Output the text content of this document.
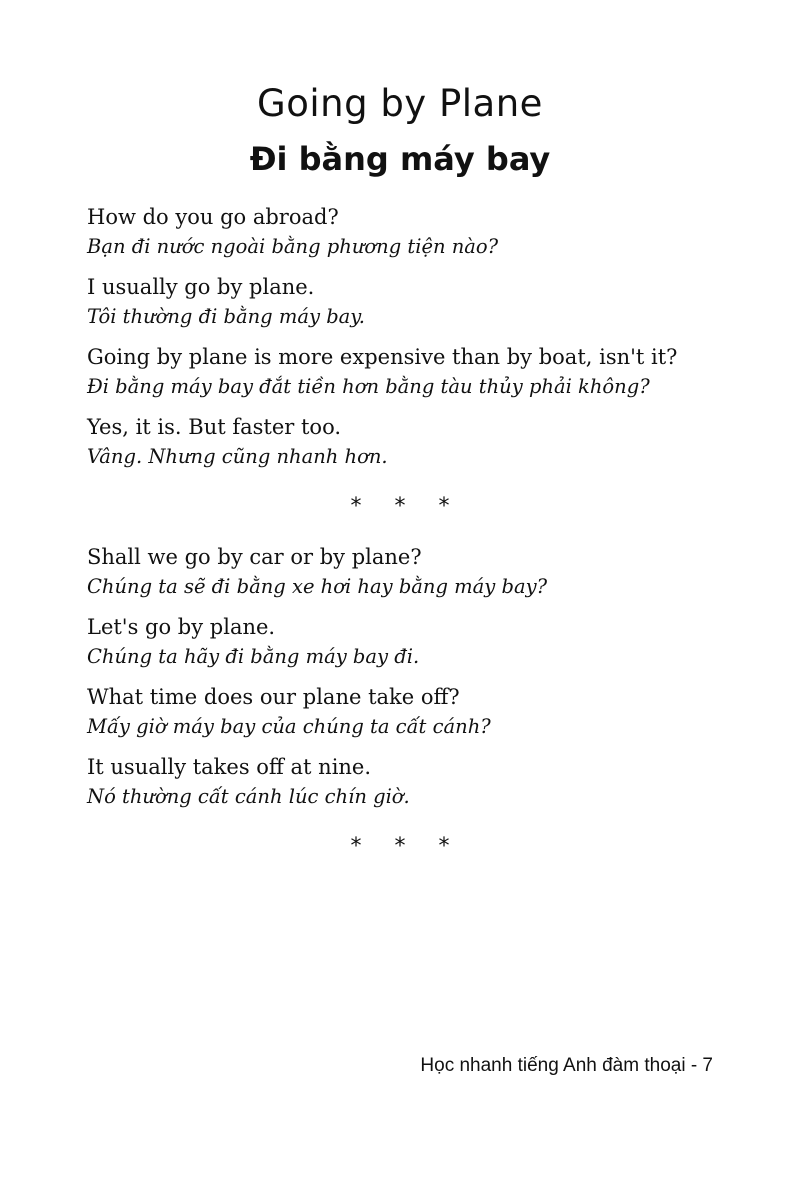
Going by Plane
Đi bằng máy bay
How do you go abroad?
Bạn đi nước ngoài bằng phương tiện nào?
I usually go by plane.
Tôi thường đi bằng máy bay.
Going by plane is more expensive than by boat, isn't it?
Đi bằng máy bay đắt tiền hơn bằng tàu thủy phải không?
Yes, it is. But faster too.
Vâng. Nhưng cũng nhanh hơn.
* * *
Shall we go by car or by plane?
Chúng ta sẽ đi bằng xe hơi hay bằng máy bay?
Let's go by plane.
Chúng ta hãy đi bằng máy bay đi.
What time does our plane take off?
Mấy giờ máy bay của chúng ta cất cánh?
It usually takes off at nine.
Nó thường cất cánh lúc chín giờ.
* * *
Học nhanh tiếng Anh đàm thoại - 7
